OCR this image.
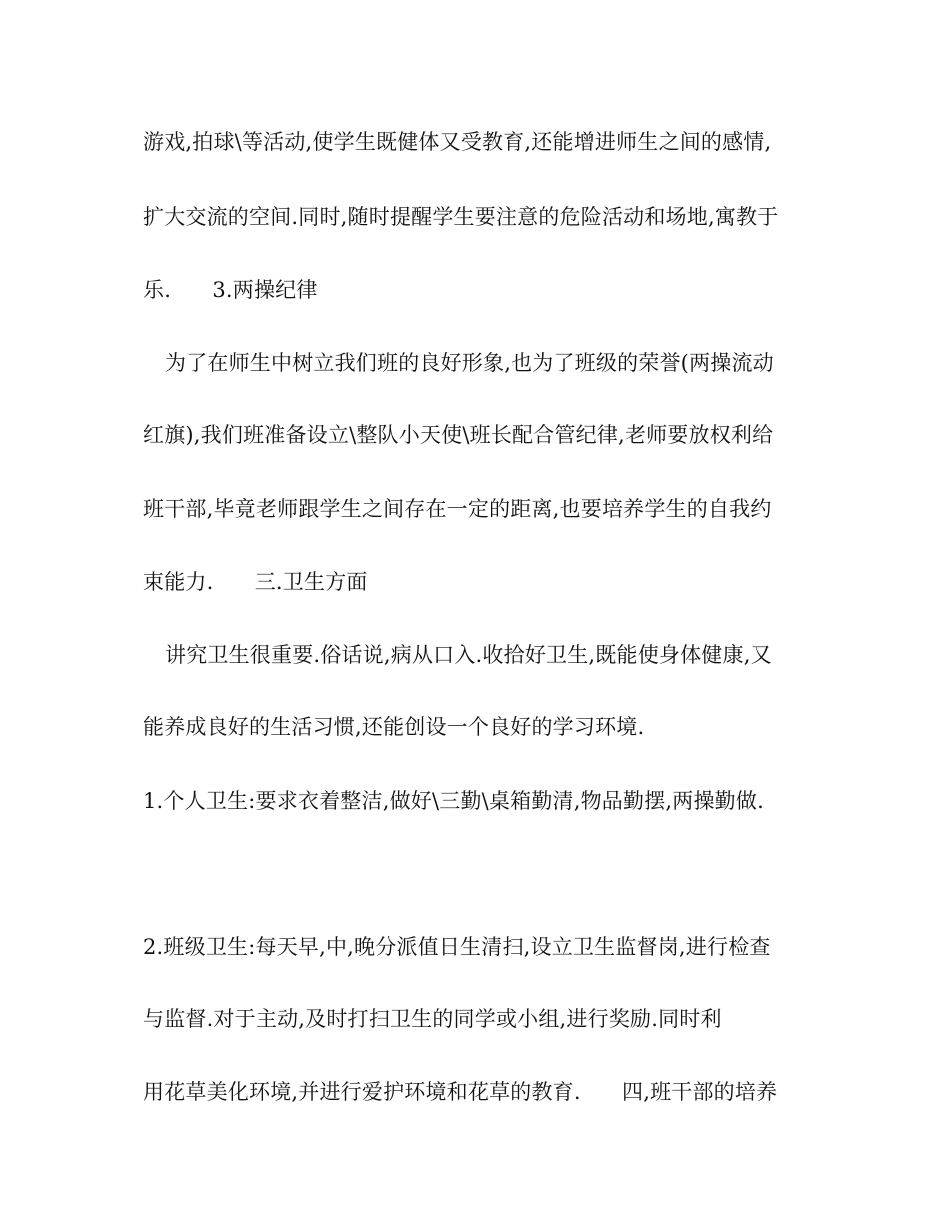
游戏,拍球\等活动,使学生既健体又受教育,还能增进师生之间的感情,
扩大交流的空间.同时,随时提醒学生要注意的危险活动和场地,寓教于
乐.      3.两操纪律
为了在师生中树立我们班的良好形象,也为了班级的荣誉(两操流动
红旗),我们班准备设立\整队小天使\班长配合管纪律,老师要放权利给
班干部,毕竟老师跟学生之间存在一定的距离,也要培养学生的自我约
束能力.      三.卫生方面
讲究卫生很重要.俗话说,病从口入.收拾好卫生,既能使身体健康,又
能养成良好的生活习惯,还能创设一个良好的学习环境.
1.个人卫生:要求衣着整洁,做好\三勤\桌箱勤清,物品勤摆,两操勤做.
2.班级卫生:每天早,中,晚分派值日生清扫,设立卫生监督岗,进行检查
与监督.对于主动,及时打扫卫生的同学或小组,进行奖励.同时利
用花草美化环境,并进行爱护环境和花草的教育.      四,班干部的培养
